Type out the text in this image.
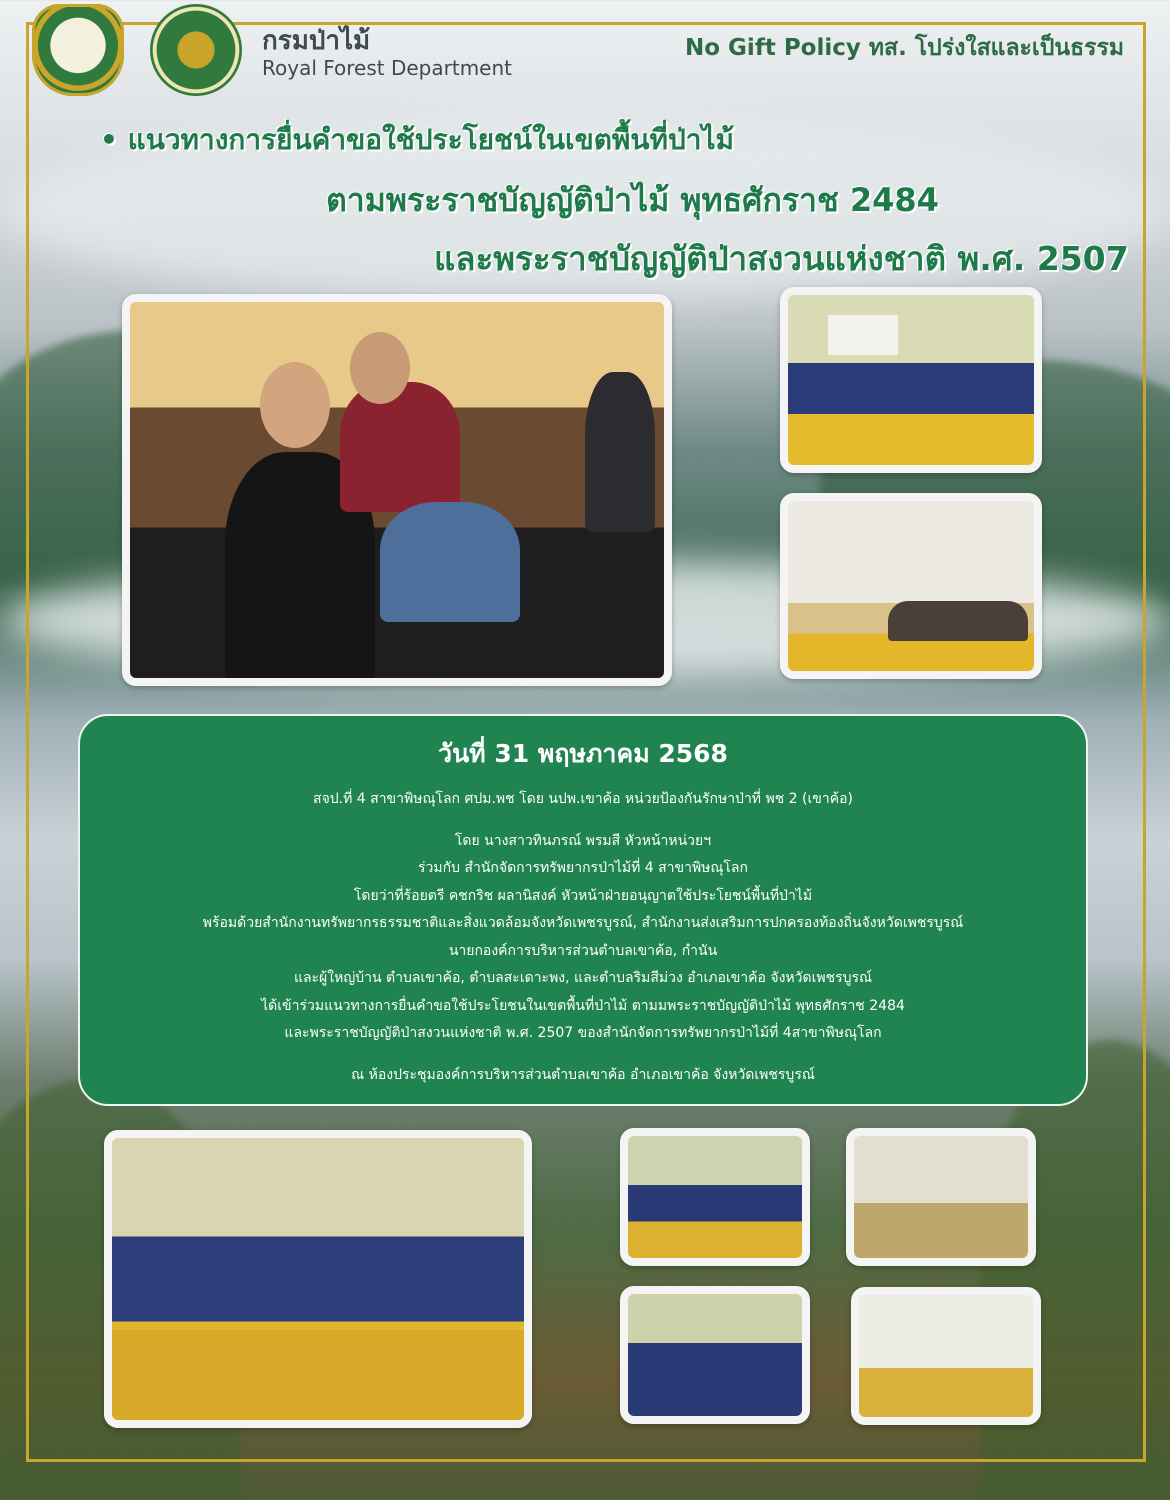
กรมป่าไม้
Royal Forest Department
No Gift Policy ทส. โปร่งใสและเป็นธรรม
• แนวทางการยื่นคำขอใช้ประโยชน์ในเขตพื้นที่ป่าไม้
ตามพระราชบัญญัติป่าไม้ พุทธศักราช 2484
และพระราชบัญญัติป่าสงวนแห่งชาติ พ.ศ. 2507
วันที่ 31 พฤษภาคม 2568
สจป.ที่ 4 สาขาพิษณุโลก ศปม.พช โดย นปพ.เขาค้อ หน่วยป้องกันรักษาป่าที่ พช 2 (เขาค้อ)
โดย นางสาวทินภรณ์ พรมสี หัวหน้าหน่วยฯ
ร่วมกับ สำนักจัดการทรัพยากรป่าไม้ที่ 4 สาขาพิษณุโลก
โดยว่าที่ร้อยตรี คชกริช ผลานิสงค์ หัวหน้าฝ่ายอนุญาตใช้ประโยชน์พื้นที่ป่าไม้
พร้อมด้วยสำนักงานทรัพยากรธรรมชาติและสิ่งแวดล้อมจังหวัดเพชรบูรณ์, สำนักงานส่งเสริมการปกครองท้องถิ่นจังหวัดเพชรบูรณ์
นายกองค์การบริหารส่วนตำบลเขาค้อ, กำนัน
และผู้ใหญ่บ้าน ตำบลเขาค้อ, ตำบลสะเดาะพง, และตำบลริมสีม่วง อำเภอเขาค้อ จังหวัดเพชรบูรณ์
ได้เข้าร่วมแนวทางการยื่นคำขอใช้ประโยชนในเขตพื้นที่ป่าไม้ ตามมพระราชบัญญัติป่าไม้ พุทธศักราช 2484
และพระราชบัญญัติป่าสงวนแห่งชาติ พ.ศ. 2507 ของสำนักจัดการทรัพยากรป่าไม้ที่ 4สาขาพิษณุโลก
ณ ห้องประชุมองค์การบริหารส่วนตำบลเขาค้อ อำเภอเขาค้อ จังหวัดเพชรบูรณ์
